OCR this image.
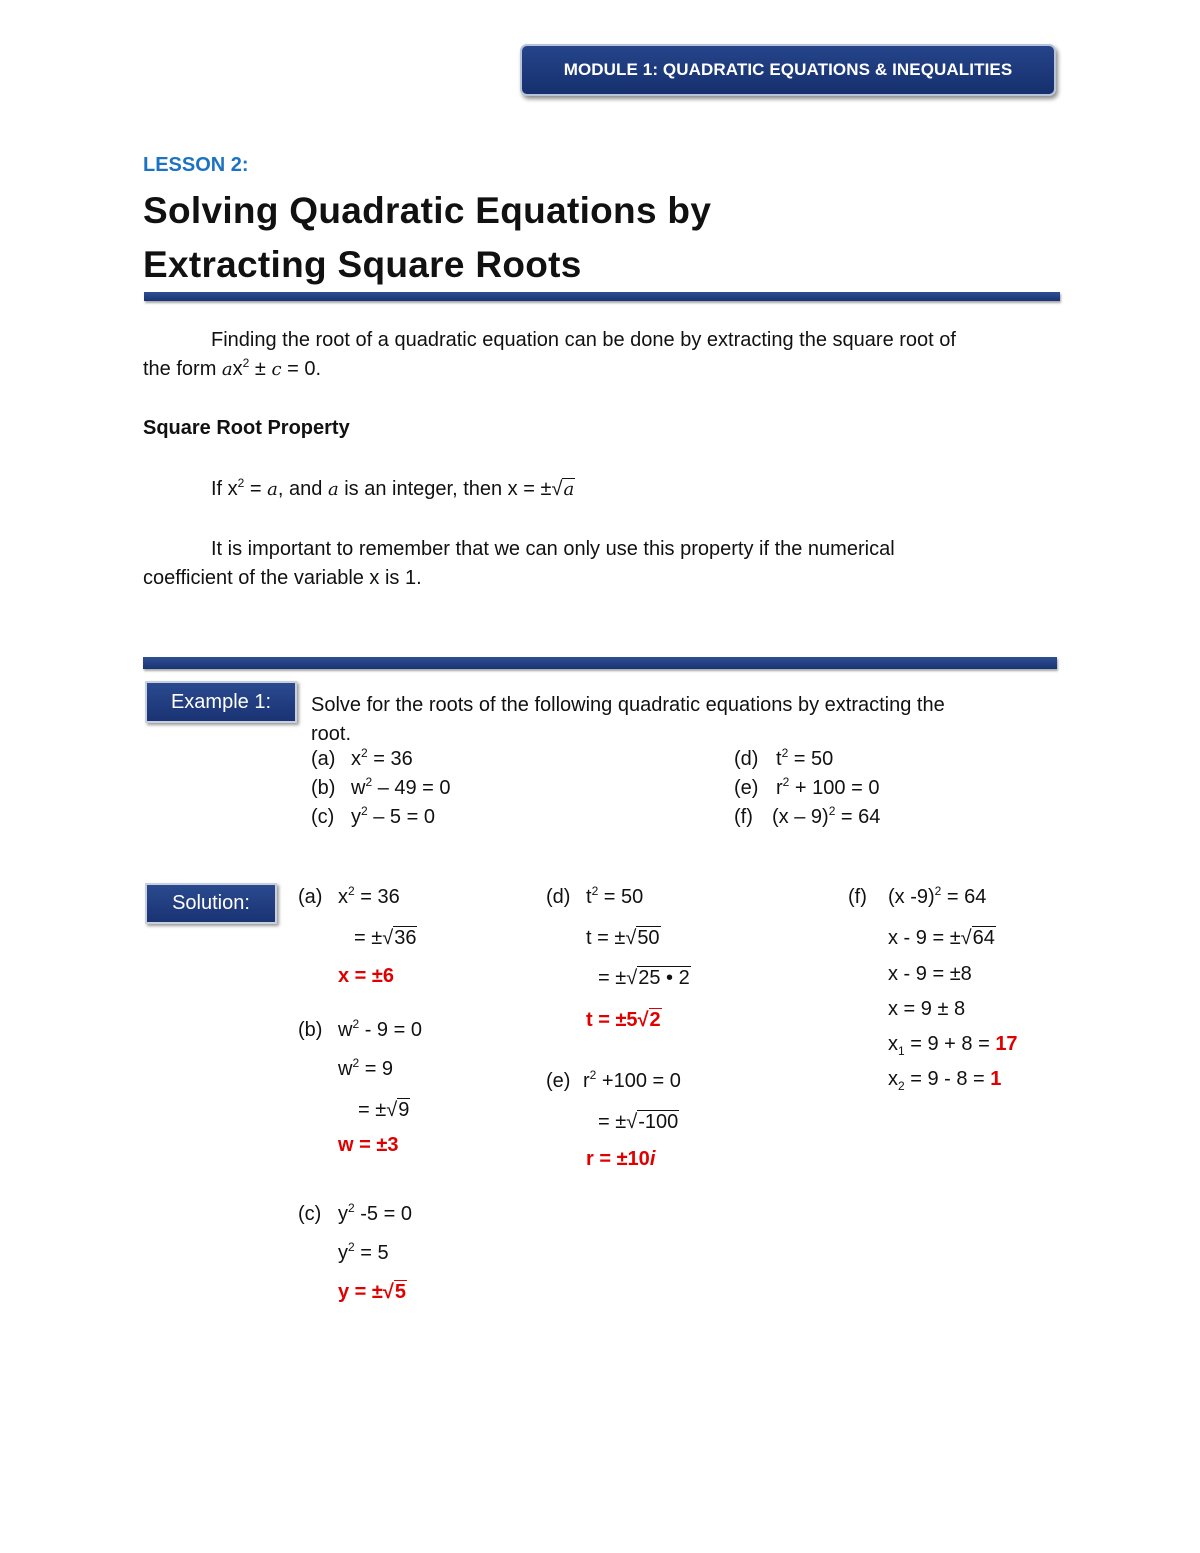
MODULE 1: QUADRATIC EQUATIONS & INEQUALITIES
LESSON 2:
Solving Quadratic Equations by
Extracting Square Roots
Finding the root of a quadratic equation can be done by extracting the square root of
the form $ax^2 \pm c = 0$.
Square Root Property
If $x^2 = a$, and a is an integer, then x = ±√a
It is important to remember that we can only use this property if the numerical
coefficient of the variable x is 1.
Example 1: Solve for the roots of the following quadratic equations by extracting the
root.
(a) $x^2 = 36$
(b) $w^2 - 49 = 0$
(c) $y^2 - 5 = 0$
(d) $t^2 = 50$
(e) $r^2 + 100 = 0$
(f) (x – 9)$^2$ = 64
Solution: (a) $x^2 = 36$
= ±√36
x = ±6
(b) $w^2 - 9 = 0$
$w^2 = 9$
= ±√9
w = ±3
(c) $y^2$ -5 = 0
$y^2 = 5$
y = ±√5
(d) $t^2 = 50$
t = ±√50
= ±√25 • 2
t = ±5√2
(e) $r^2 +100 = 0$
= ±√-100
r = ±10i
(f) (x -9)$^2$ = 64
x - 9 = ±√64
x - 9 = ±8
x = 9 ± 8
$x_1 = 9 + 8 = 17$
$x_2 = 9 - 8 = 1$
